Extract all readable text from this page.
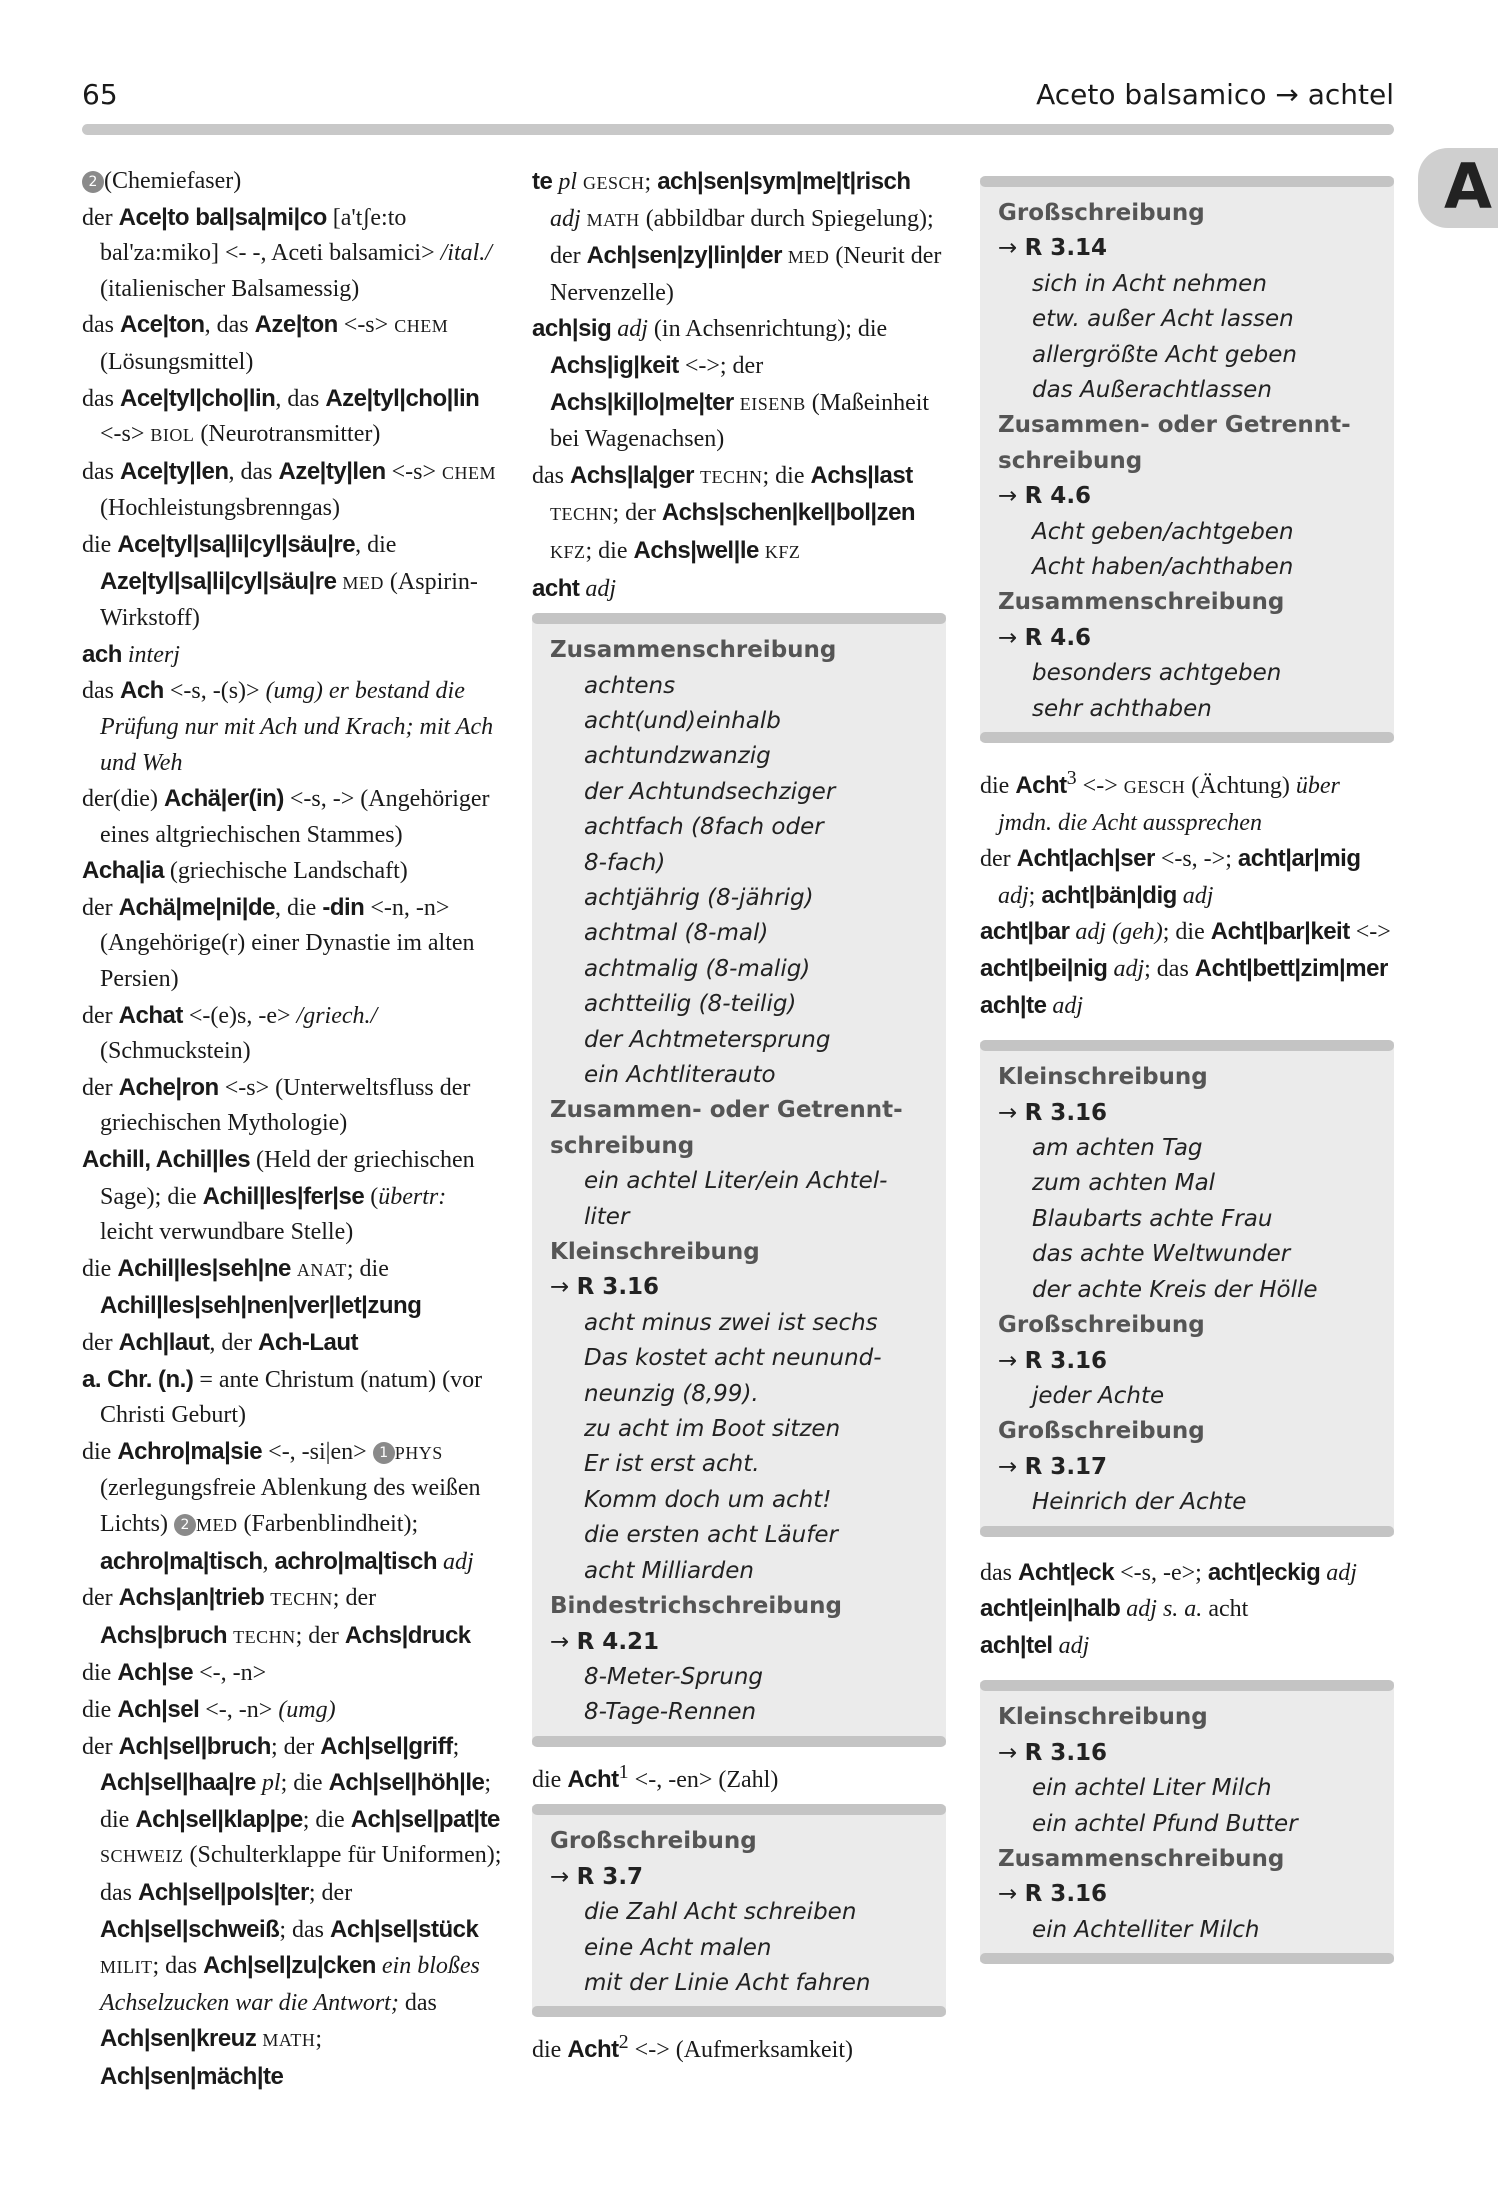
65	Aceto balsamico → achtel
A

2 (Chemiefaser)

der Ace|to bal|sa|mi|co [a'tʃe:to bal'za:miko] <- -, Aceti balsamici> /ital./ (italienischer Balsamessig)

das Ace|ton, das Aze|ton <-s> CHEM (Lösungsmittel)

das Ace|tyl|cho|lin, das Aze|tyl|cho|lin <-s> BIOL (Neurotransmitter)

das Ace|ty|len, das Aze|ty|len <-s> CHEM (Hochleistungsbrenngas)

die Ace|tyl|sa|li|cyl|säu|re, die Aze|tyl|sa|li|cyl|säu|re MED (Aspirin-Wirkstoff)

ach interj

das Ach <-s, -(s)> (umg) er bestand die Prüfung nur mit Ach und Krach; mit Ach und Weh

der(die) Achä|er(in) <-s, -> (Angehöriger eines altgriechischen Stammes)

Acha|ia (griechische Landschaft)

der Achä|me|ni|de, die -din <-n, -n> (Angehörige(r) einer Dynastie im alten Persien)

der Achat <-(e)s, -e> /griech./ (Schmuckstein)

der Ache|ron <-s> (Unterweltsfluss der griechischen Mythologie)

Achill, Achil|les (Held der griechischen Sage); die Achil|les|fer|se (übertr: leicht verwundbare Stelle)

die Achil|les|seh|ne ANAT; die Achil|les|seh|nen|ver|let|zung

der Ach|laut, der Ach-Laut

a. Chr. (n.) = ante Christum (natum) (vor Christi Geburt)

die Achro|ma|sie <-, -si|en> 1 PHYS (zerlegungsfreie Ablenkung des weißen Lichts) 2 MED (Farbenblindheit); achro|ma|tisch, achro|ma|tisch adj

der Achs|an|trieb TECHN; der Achs|bruch TECHN; der Achs|druck

die Ach|se <-, -n>

die Ach|sel <-, -n> (umg)

der Ach|sel|bruch; der Ach|sel|griff; Ach|sel|haa|re pl; die Ach|sel|höh|le; die Ach|sel|klap|pe; die Ach|sel|pat|te SCHWEIZ (Schulterklappe für Uniformen); das Ach|sel|pols|ter; der Ach|sel|schweiß; das Ach|sel|stück MILIT; das Ach|sel|zu|cken ein bloßes Achselzucken war die Antwort; das Ach|sen|kreuz MATH; Ach|sen|mäch|te

te pl GESCH; ach|sen|sym|me|t|risch adj MATH (abbildbar durch Spiegelung); der Ach|sen|zy|lin|der MED (Neurit der Nervenzelle)

ach|sig adj (in Achsenrichtung); die Achs|ig|keit <->; der Achs|ki|lo|me|ter EISENB (Maßeinheit bei Wagenachsen)

das Achs|la|ger TECHN; die Achs|last TECHN; der Achs|schen|kel|bol|zen KFZ; die Achs|wel|le KFZ

acht adj

Zusammenschreibung
achtens
acht(und)einhalb
achtundzwanzig
der Achtundsechziger
achtfach (8fach oder
8-fach)
achtjährig (8-jährig)
achtmal (8-mal)
achtmalig (8-malig)
achtteilig (8-teilig)
der Achtmetersprung
ein Achtliterauto
Zusammen- oder Getrennt-
schreibung
ein achtel Liter/ein Achtel-
liter
Kleinschreibung
→ R 3.16
acht minus zwei ist sechs
Das kostet acht neunund-
neunzig (8,99).
zu acht im Boot sitzen
Er ist erst acht.
Komm doch um acht!
die ersten acht Läufer
acht Milliarden
Bindestrichschreibung
→ R 4.21
8-Meter-Sprung
8-Tage-Rennen

die Acht$^1$ <-, -en> (Zahl)

Großschreibung
→ R 3.7
die Zahl Acht schreiben
eine Acht malen
mit der Linie Acht fahren

die Acht$^2$ <-> (Aufmerksamkeit)

Großschreibung
→ R 3.14
sich in Acht nehmen
etw. außer Acht lassen
allergrößte Acht geben
das Außerachtlassen
Zusammen- oder Getrennt-
schreibung
→ R 4.6
Acht geben/achtgeben
Acht haben/achthaben
Zusammenschreibung
→ R 4.6
besonders achtgeben
sehr achthaben

die Acht$^3$ <-> GESCH (Ächtung) über jmdn. die Acht aussprechen

der Acht|ach|ser <-s, ->; acht|ar|mig adj; acht|bän|dig adj

acht|bar adj (geh); die Acht|bar|keit <->

acht|bei|nig adj; das Acht|bett|zim|mer

ach|te adj

Kleinschreibung
→ R 3.16
am achten Tag
zum achten Mal
Blaubarts achte Frau
das achte Weltwunder
der achte Kreis der Hölle
Großschreibung
→ R 3.16
jeder Achte
Großschreibung
→ R 3.17
Heinrich der Achte

das Acht|eck <-s, -e>; acht|eckig adj

acht|ein|halb adj s. a. acht

ach|tel adj

Kleinschreibung
→ R 3.16
ein achtel Liter Milch
ein achtel Pfund Butter
Zusammenschreibung
→ R 3.16
ein Achtelliter Milch
